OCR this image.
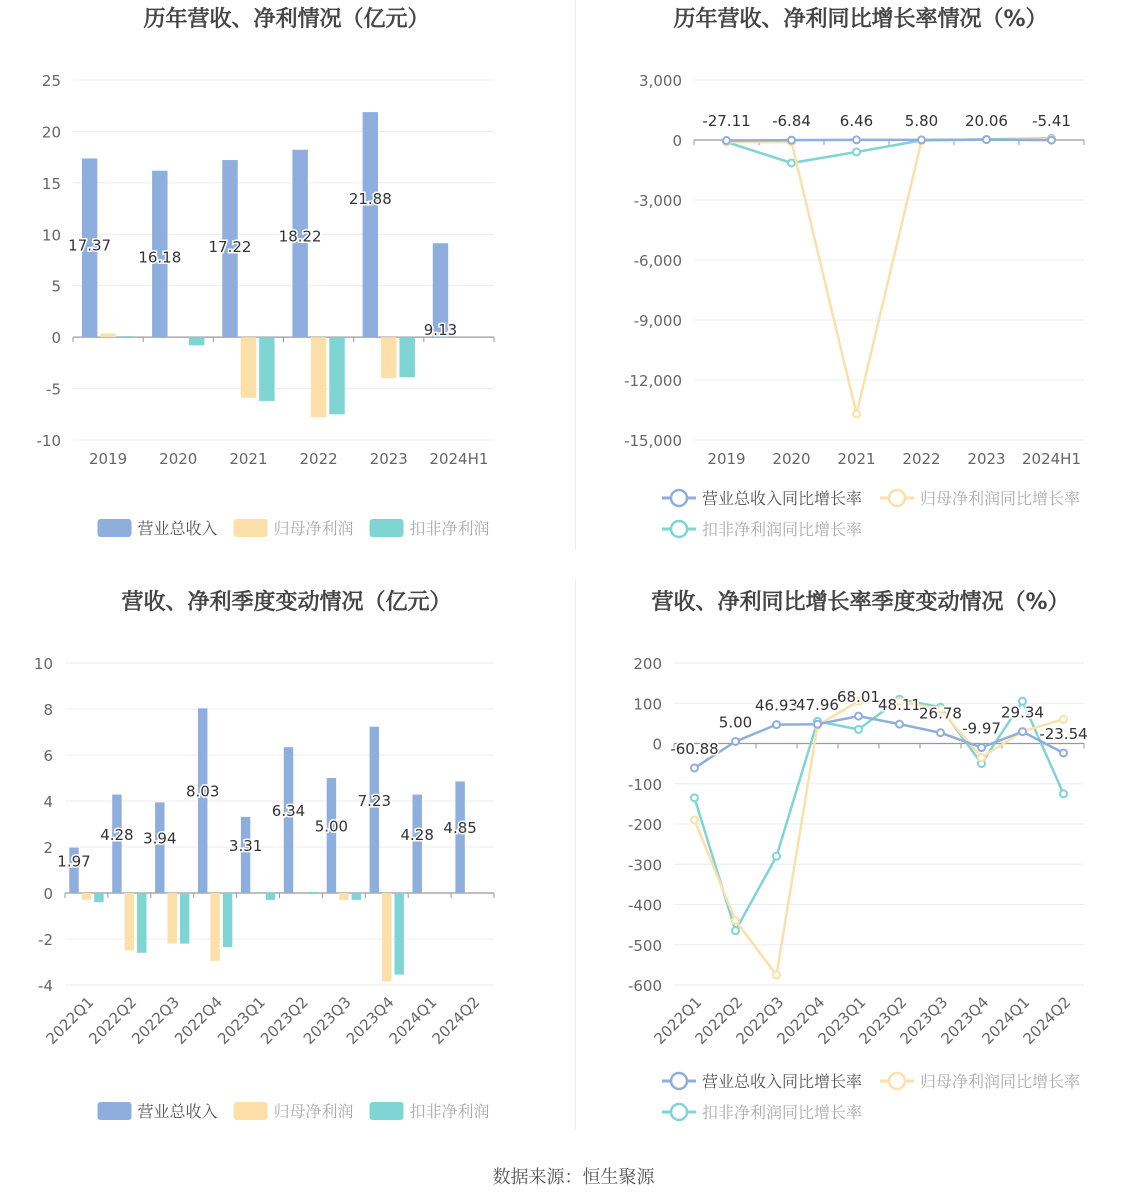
历年营收、净利情况（亿元）
25
20
15
10
5
0
-5
-10
2019 2020 2021 2022 2023 2024H1
17.37
16.18
17.22
18.22
21.88
9.13
营业总收入	归母净利润	扣非净利润
历年营收、净利同比增长率情况（%）
3,000
0
-3,000
-6,000
-9,000
-12,000
-15,000
2019 2020 2021 2022 2023 2024H1
-27.11 -6.84 6.46 5.80 20.06 -5.41
营业总收入同比增长率	归母净利润同比增长率
扣非净利润同比增长率
营收、净利季度变动情况（亿元）
10
8
6
4
2
0
-2
-4
2022Q1
2022Q2
2022Q3
2022Q4
2023Q1
2023Q2
2023Q3
2023Q4
2024Q1
2024Q2
1.97
4.28 3.94
8.03
3.31
6.34
5.00
7.23
4.28 4.85
营业总收入	归母净利润	扣非净利润
营收、净利同比增长率季度变动情况（%）
200
100
0
-100
-200
-300
-400
-500
-600
2022Q1
2022Q2
2022Q3
2022Q4
2023Q1
2023Q2
2023Q3
2023Q4
2024Q1
2024Q2
-60.88
5.00
46.93
47.96
68.01
48.11
26.78
-9.97
29.34
-23.54
营业总收入同比增长率	归母净利润同比增长率
扣非净利润同比增长率
数据来源：恒生聚源
